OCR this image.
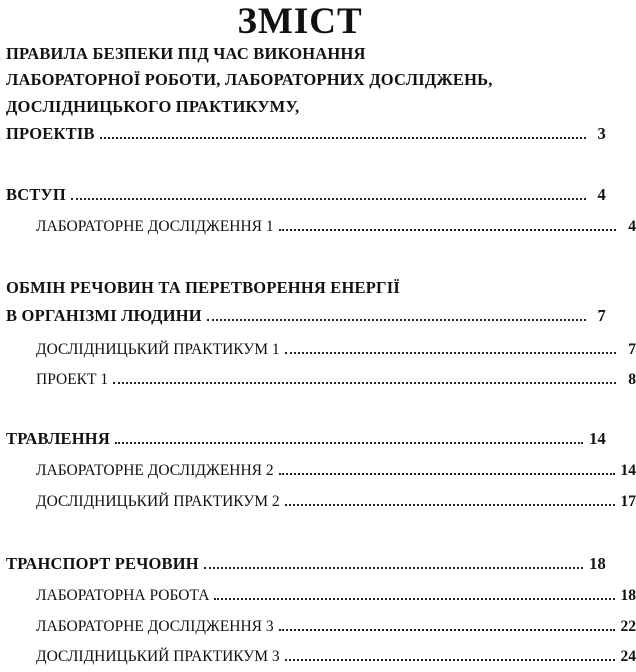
ЗМІСТ
ПРАВИЛА БЕЗПЕКИ ПІД ЧАС ВИКОНАННЯ
ЛАБОРАТОРНОЇ РОБОТИ, ЛАБОРАТОРНИХ ДОСЛІДЖЕНЬ,
ДОСЛІДНИЦЬКОГО ПРАКТИКУМУ,
ПРОЕКТІВ	3
ВСТУП	4
ЛАБОРАТОРНЕ ДОСЛІДЖЕННЯ 1	4
ОБМІН РЕЧОВИН ТА ПЕРЕТВОРЕННЯ ЕНЕРГІЇ
В ОРГАНІЗМІ ЛЮДИНИ	7
ДОСЛІДНИЦЬКИЙ ПРАКТИКУМ 1	7
ПРОЕКТ 1	8
ТРАВЛЕННЯ	14
ЛАБОРАТОРНЕ ДОСЛІДЖЕННЯ 2	14
ДОСЛІДНИЦЬКИЙ ПРАКТИКУМ 2	17
ТРАНСПОРТ РЕЧОВИН	18
ЛАБОРАТОРНА РОБОТА	18
ЛАБОРАТОРНЕ ДОСЛІДЖЕННЯ 3	22
ДОСЛІДНИЦЬКИЙ ПРАКТИКУМ 3	24
